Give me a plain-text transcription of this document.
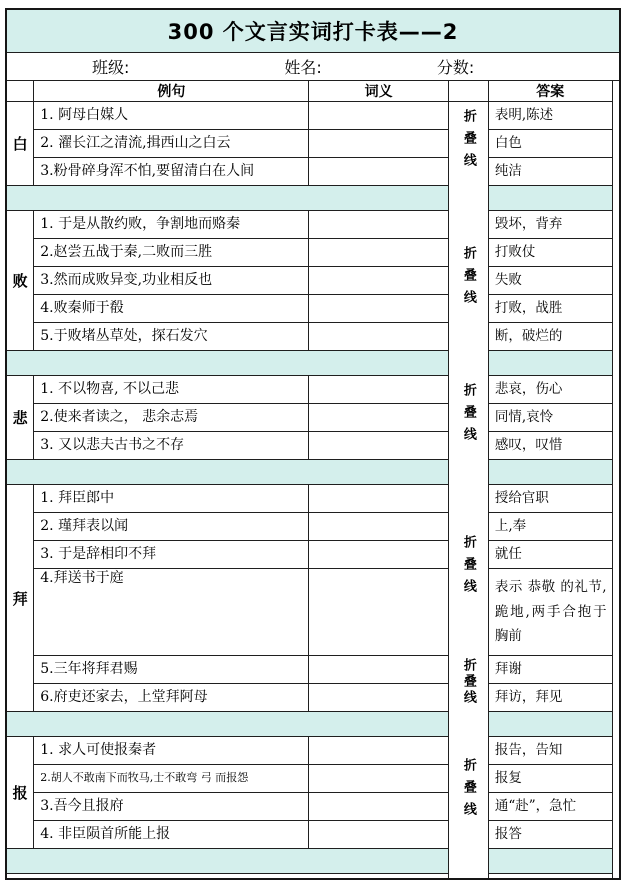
300 个文言实词打卡表——2					

班级: 姓名: 分数:					

	例句	词义		答案	
白	1. 阿母白媒人		折叠线	表明,陈述	
	2. 濯长江之清流,揖西山之白云			白色	
	3.粉骨碎身浑不怕,要留清白在人间			纯洁	

败	1. 于是从散约败，争割地而赂秦		折叠线	毁坏，背弃	
	2.赵尝五战于秦,二败而三胜			打败仗	
	3.然而成败异变,功业相反也			失败	
	4.败秦师于殽			打败，战胜	
	5.于败堵丛草处，探石发穴			断，破烂的	

悲	1. 不以物喜, 不以己悲		折叠线	悲哀，伤心	
	2.使来者读之， 悲余志焉			同情,哀怜	
	3. 又以悲夫古书之不存			感叹，叹惜	

拜	1. 拜臣郎中		折叠线	授给官职	
	2. 瑾拜表以闻			上,奉	
	3. 于是辞相印不拜			就任	
	4.拜送书于庭			表示 恭敬 的礼节,跪地,两手合抱于胸前	
	5.三年将拜君赐		折叠线	拜谢	
	6.府吏还家去，上堂拜阿母			拜访，拜见	

报	1. 求人可使报秦者		折叠线	报告，告知	
	2.胡人不敢南下而牧马,士不敢弯 弓 而报怨			报复	
	3.吾今且报府			通“赴”，急忙	
	4. 非臣陨首所能上报			报答	
